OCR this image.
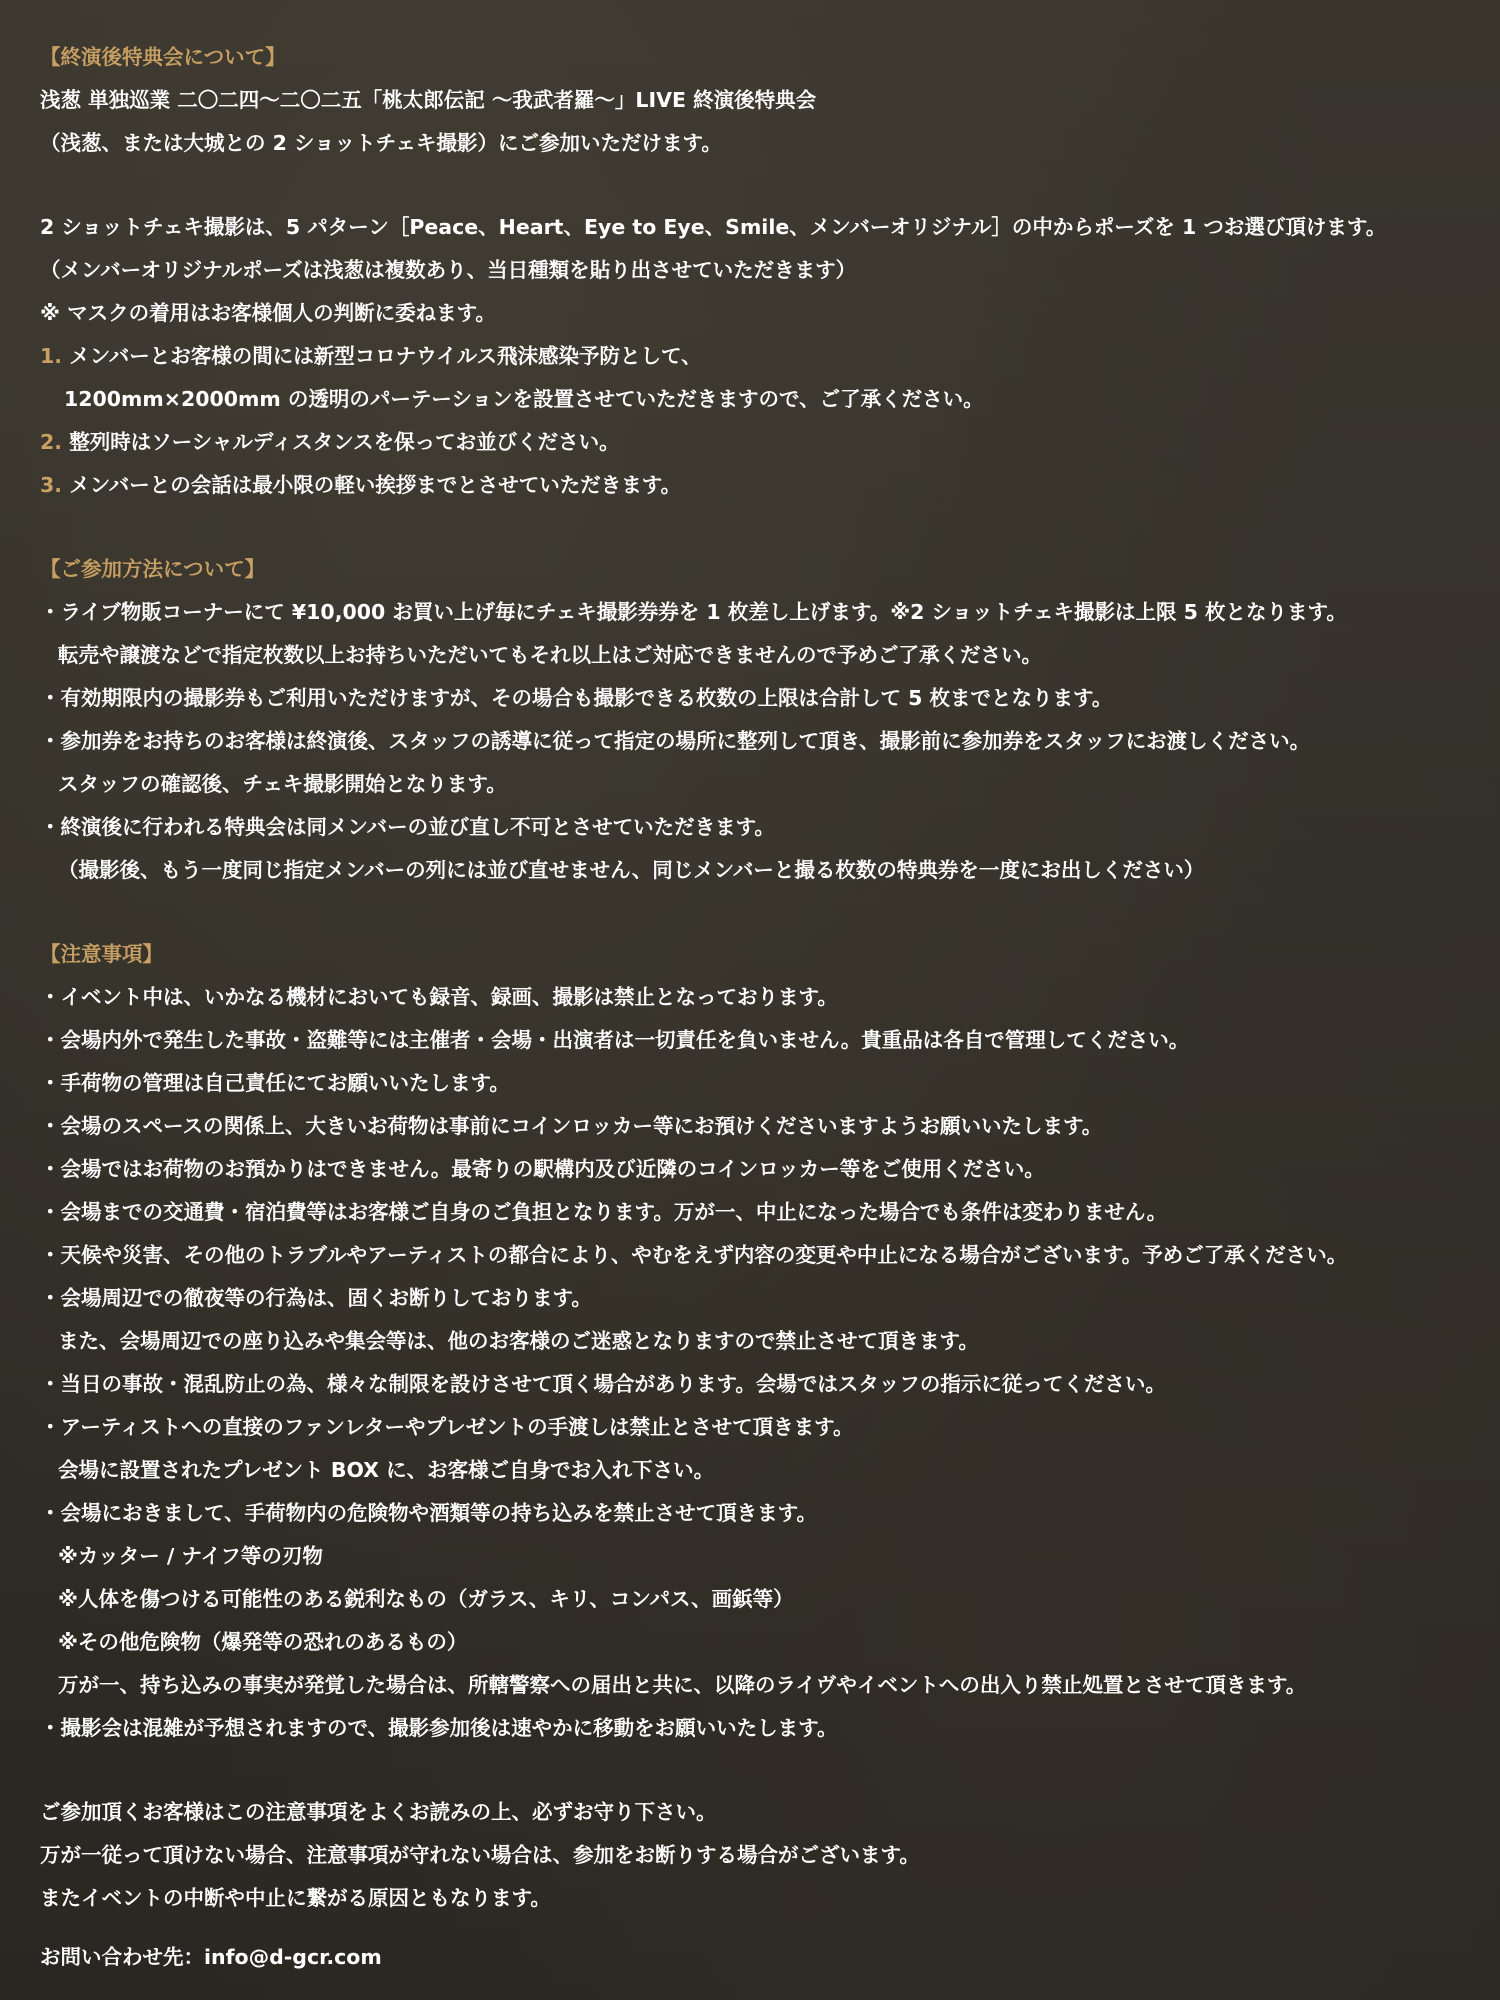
【終演後特典会について】
浅葱 単独巡業 二〇二四〜二〇二五「桃太郎伝記 〜我武者羅〜」LIVE 終演後特典会
（浅葱、または大城との 2 ショットチェキ撮影）にご参加いただけます。
2 ショットチェキ撮影は、5 パターン［Peace、Heart、Eye to Eye、Smile、メンバーオリジナル］の中からポーズを 1 つお選び頂けます。
（メンバーオリジナルポーズは浅葱は複数あり、当日種類を貼り出させていただきます）
※ マスクの着用はお客様個人の判断に委ねます。
1. メンバーとお客様の間には新型コロナウイルス飛沫感染予防として、
1200mm×2000mm の透明のパーテーションを設置させていただきますので、ご了承ください。
2. 整列時はソーシャルディスタンスを保ってお並びください。
3. メンバーとの会話は最小限の軽い挨拶までとさせていただきます。
【ご参加方法について】
・ライブ物販コーナーにて ¥10,000 お買い上げ毎にチェキ撮影券券を 1 枚差し上げます。※2 ショットチェキ撮影は上限 5 枚となります。
転売や譲渡などで指定枚数以上お持ちいただいてもそれ以上はご対応できませんので予めご了承ください。
・有効期限内の撮影券もご利用いただけますが、その場合も撮影できる枚数の上限は合計して 5 枚までとなります。
・参加券をお持ちのお客様は終演後、スタッフの誘導に従って指定の場所に整列して頂き、撮影前に参加券をスタッフにお渡しください。
スタッフの確認後、チェキ撮影開始となります。
・終演後に行われる特典会は同メンバーの並び直し不可とさせていただきます。
（撮影後、もう一度同じ指定メンバーの列には並び直せません、同じメンバーと撮る枚数の特典券を一度にお出しください）
【注意事項】
・イベント中は、いかなる機材においても録音、録画、撮影は禁止となっております。
・会場内外で発生した事故・盗難等には主催者・会場・出演者は一切責任を負いません。貴重品は各自で管理してください。
・手荷物の管理は自己責任にてお願いいたします。
・会場のスペースの関係上、大きいお荷物は事前にコインロッカー等にお預けくださいますようお願いいたします。
・会場ではお荷物のお預かりはできません。最寄りの駅構内及び近隣のコインロッカー等をご使用ください。
・会場までの交通費・宿泊費等はお客様ご自身のご負担となります。万が一、中止になった場合でも条件は変わりません。
・天候や災害、その他のトラブルやアーティストの都合により、やむをえず内容の変更や中止になる場合がございます。予めご了承ください。
・会場周辺での徹夜等の行為は、固くお断りしております。
また、会場周辺での座り込みや集会等は、他のお客様のご迷惑となりますので禁止させて頂きます。
・当日の事故・混乱防止の為、様々な制限を設けさせて頂く場合があります。会場ではスタッフの指示に従ってください。
・アーティストへの直接のファンレターやプレゼントの手渡しは禁止とさせて頂きます。
会場に設置されたプレゼント BOX に、お客様ご自身でお入れ下さい。
・会場におきまして、手荷物内の危険物や酒類等の持ち込みを禁止させて頂きます。
※カッター / ナイフ等の刃物
※人体を傷つける可能性のある鋭利なもの（ガラス、キリ、コンパス、画鋲等）
※その他危険物（爆発等の恐れのあるもの）
万が一、持ち込みの事実が発覚した場合は、所轄警察への届出と共に、以降のライヴやイベントへの出入り禁止処置とさせて頂きます。
・撮影会は混雑が予想されますので、撮影参加後は速やかに移動をお願いいたします。
ご参加頂くお客様はこの注意事項をよくお読みの上、必ずお守り下さい。
万が一従って頂けない場合、注意事項が守れない場合は、参加をお断りする場合がございます。
またイベントの中断や中止に繋がる原因ともなります。
お問い合わせ先：info@d-gcr.com
